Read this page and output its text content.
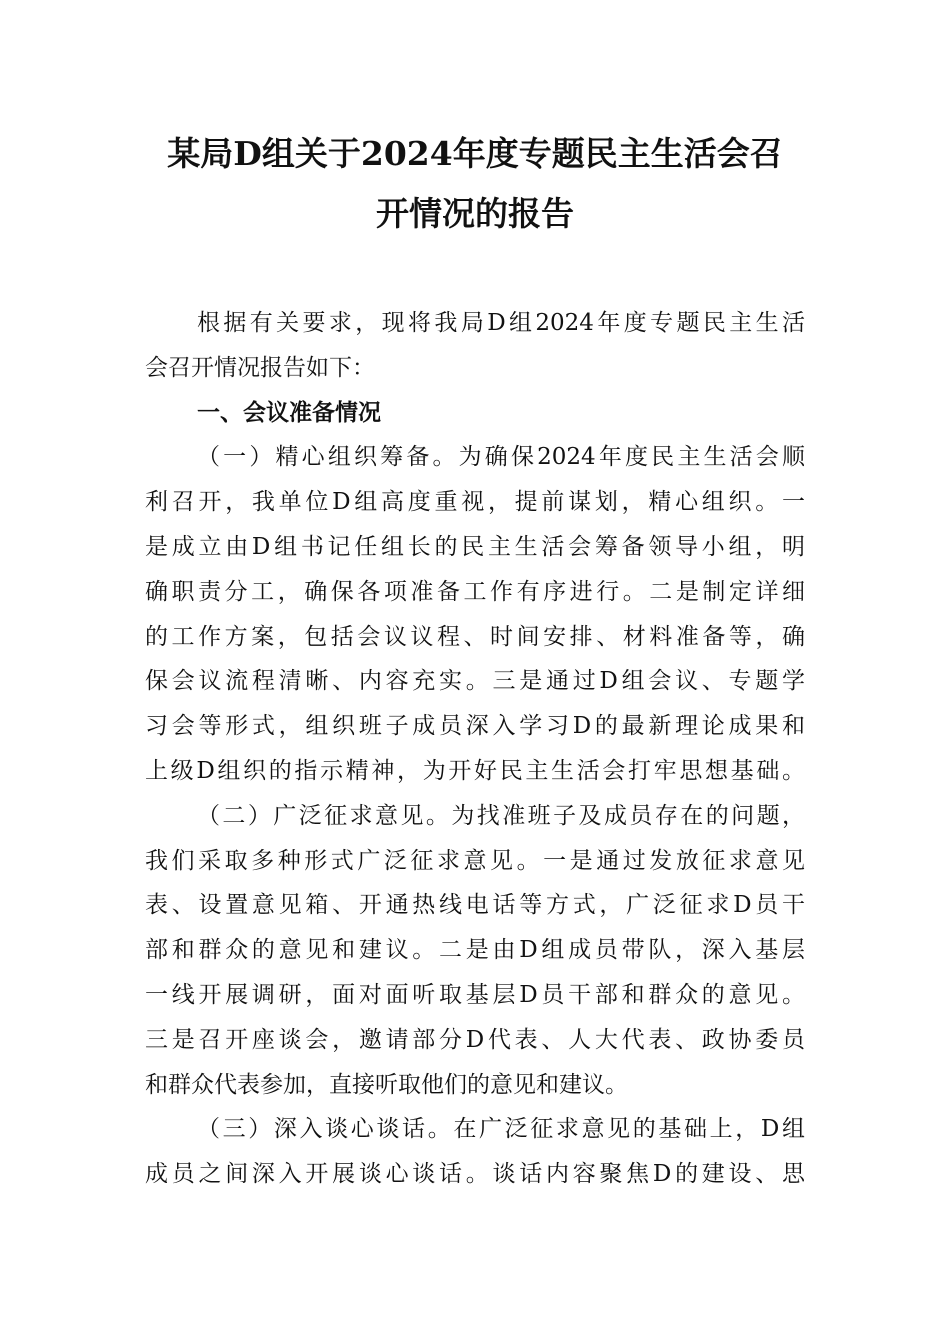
某局D组关于2024年度专题民主生活会召
开情况的报告
根据有关要求，现将我局D组2024年度专题民主生活
会召开情况报告如下：
一、会议准备情况
（一）精心组织筹备。为确保2024年度民主生活会顺
利召开，我单位D组高度重视，提前谋划，精心组织。一
是成立由D组书记任组长的民主生活会筹备领导小组，明
确职责分工，确保各项准备工作有序进行。二是制定详细
的工作方案，包括会议议程、时间安排、材料准备等，确
保会议流程清晰、内容充实。三是通过D组会议、专题学
习会等形式，组织班子成员深入学习D的最新理论成果和
上级D组织的指示精神，为开好民主生活会打牢思想基础。
（二）广泛征求意见。为找准班子及成员存在的问题，
我们采取多种形式广泛征求意见。一是通过发放征求意见
表、设置意见箱、开通热线电话等方式，广泛征求D员干
部和群众的意见和建议。二是由D组成员带队，深入基层
一线开展调研，面对面听取基层D员干部和群众的意见。
三是召开座谈会，邀请部分D代表、人大代表、政协委员
和群众代表参加，直接听取他们的意见和建议。
（三）深入谈心谈话。在广泛征求意见的基础上，D组
成员之间深入开展谈心谈话。谈话内容聚焦D的建设、思
